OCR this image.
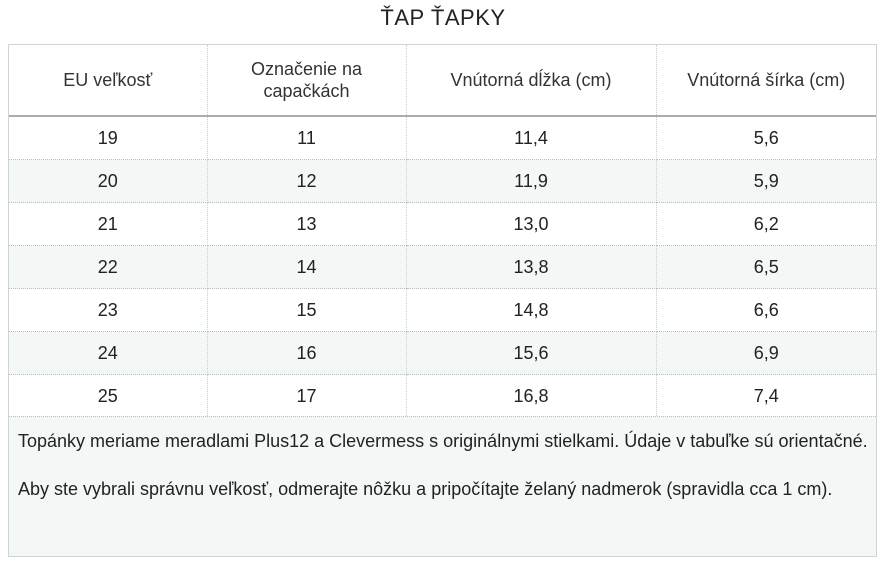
ŤAP ŤAPKY
EU veľkosť	Označenie na capačkách	Vnútorná dĺžka (cm)	Vnútorná šírka (cm)
19	11	11,4	5,6
20	12	11,9	5,9
21	13	13,0	6,2
22	14	13,8	6,5
23	15	14,8	6,6
24	16	15,6	6,9
25	17	16,8	7,4

Topánky meriame meradlami Plus12 a Clevermess s originálnymi stielkami. Údaje v tabuľke sú orientačné.

Aby ste vybrali správnu veľkosť, odmerajte nôžku a pripočítajte želaný nadmerok (spravidla cca 1 cm).
